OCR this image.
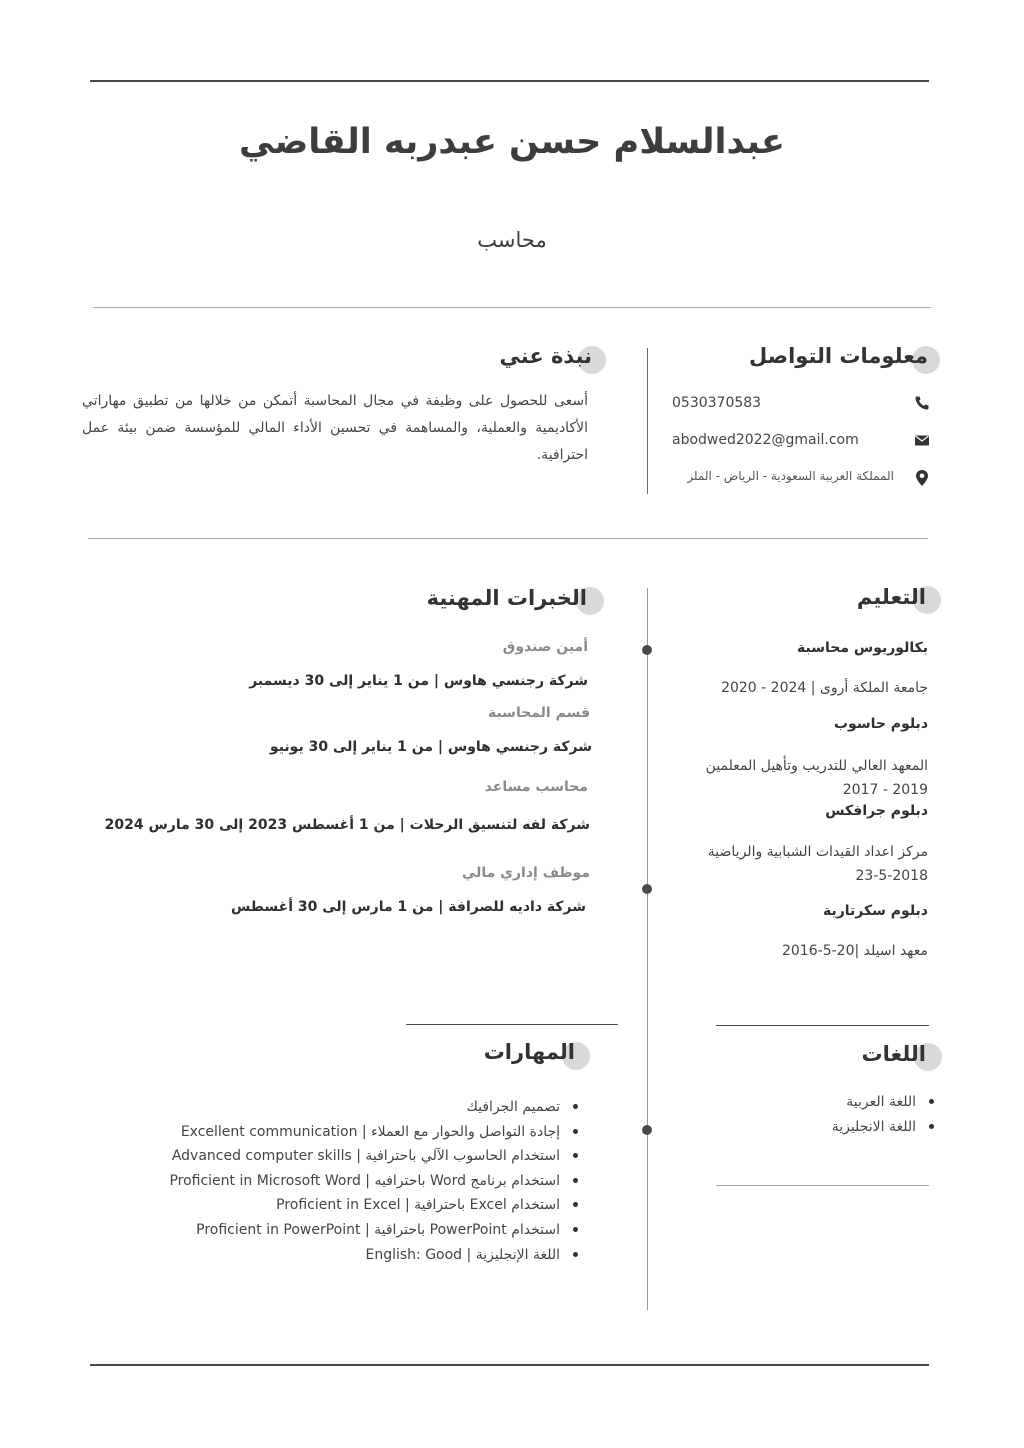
عبدالسلام حسن عبدربه القاضي
محاسب
معلومات التواصل
0530370583
abodwed2022@gmail.com
المملكة العربية السعودية - الرياض - الملز
نبذة عني
أسعى للحصول على وظيفة في مجال المحاسبة أتمكن من خلالها من تطبيق مهاراتي الأكاديمية والعملية، والمساهمة في تحسين الأداء المالي للمؤسسة ضمن بيئة عمل احترافية.
التعليم
بكالوريوس محاسبة
جامعة الملكة أروى | 2024 - 2020
دبلوم حاسوب
المعهد العالي للتدريب وتأهيل المعلمين 2019 - 2017
دبلوم جرافكس
مركز اعداد القيدات الشبابية والرياضية 2018-5-23
دبلوم سكرتارية
معهد اسيلد |20-5-2016
الخبرات المهنية
أمين صندوق
شركة رجنسي هاوس | من 1 يناير إلى 30 ديسمبر
قسم المحاسبة
شركة رجنسي هاوس | من 1 يناير إلى 30 يونيو
محاسب مساعد
شركة لفه لتنسيق الرحلات | من 1 أغسطس 2023 إلى 30 مارس 2024
موظف إداري مالي
شركة داديه للصرافة | من 1 مارس إلى 30 أغسطس
اللغات
اللغة العربية
اللغة الانجليزية
المهارات
تصميم الجرافيك
إجادة التواصل والحوار مع العملاء | Excellent communication
استخدام الحاسوب الآلي باحترافية | Advanced computer skills
استخدام برنامج Word باحترافيه | Proficient in Microsoft Word
استخدام Excel باحترافية | Proficient in Excel
استخدام PowerPoint باحترافية | Proficient in PowerPoint
اللغة الإنجليزية | English: Good
